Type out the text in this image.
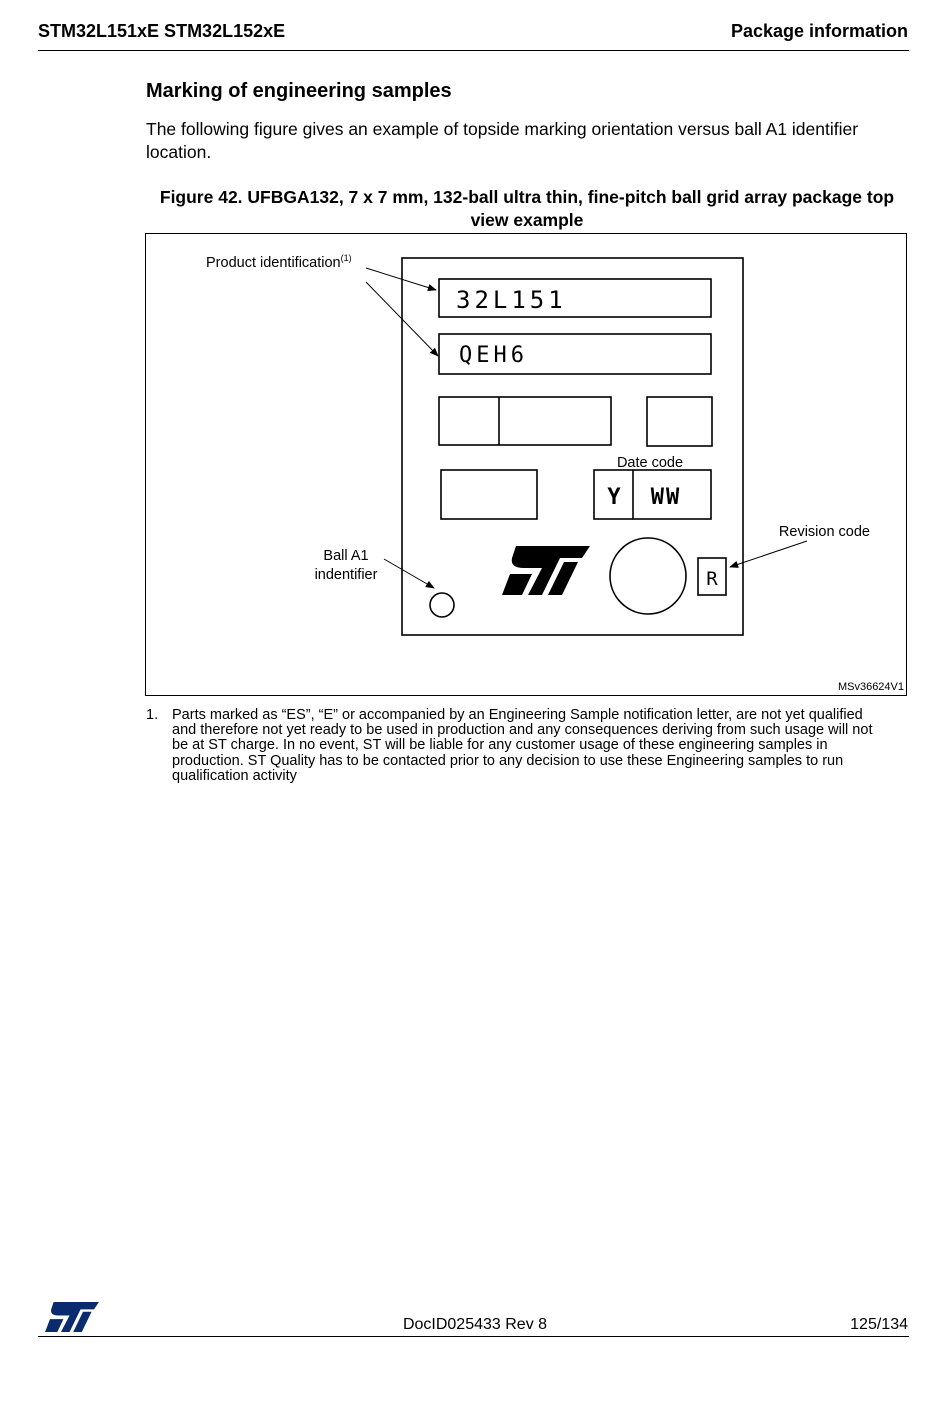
STM32L151xE STM32L152xE	Package information
Marking of engineering samples
The following figure gives an example of topside marking orientation versus ball A1 identifier location.
Figure 42. UFBGA132, 7 x 7 mm, 132-ball ultra thin, fine-pitch ball grid array package top view example
32L151
QEH6
Date code
Y WW
ST
R
Product identification$^{(1)}$
Revision code
Ball A1
indentifier
MSv36624V1
1. Parts marked as “ES”, “E” or accompanied by an Engineering Sample notification letter, are not yet qualified and therefore not yet ready to be used in production and any consequences deriving from such usage will not be at ST charge. In no event, ST will be liable for any customer usage of these engineering samples in production. ST Quality has to be contacted prior to any decision to use these Engineering samples to run qualification activity
ST
DocID025433 Rev 8	125/134
